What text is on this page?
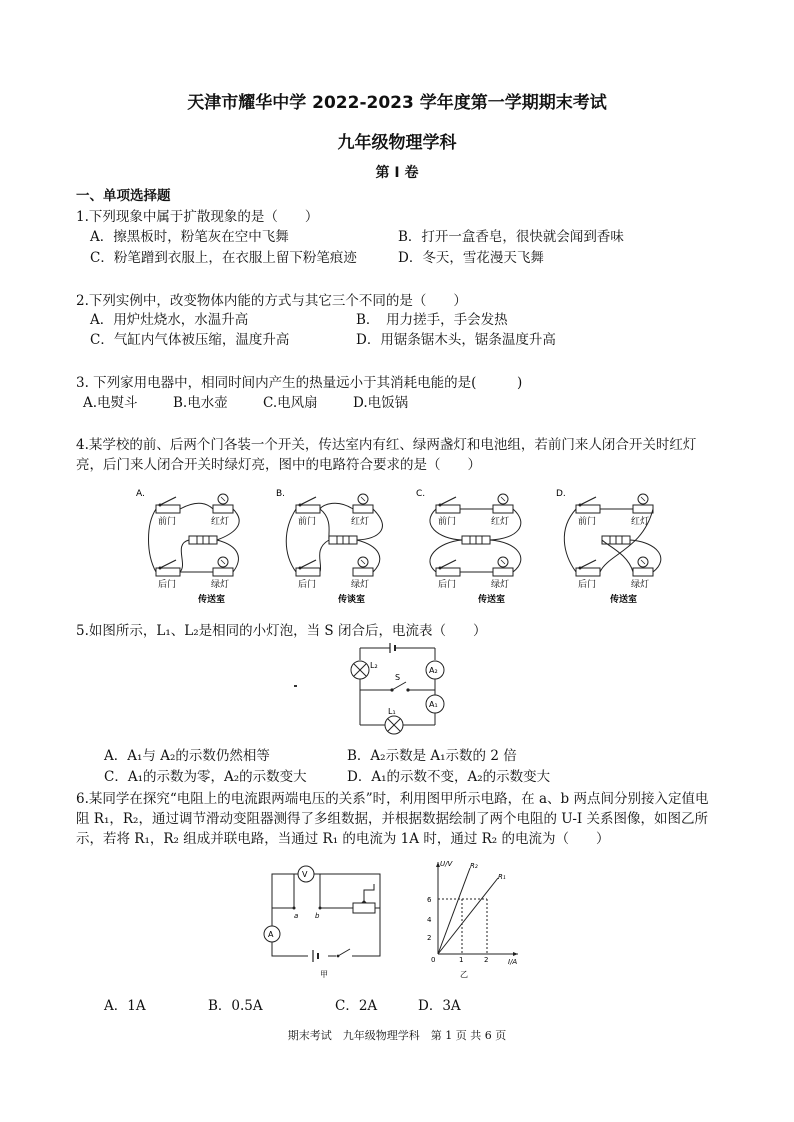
天津市耀华中学 2022-2023 学年度第一学期期末考试
九年级物理学科
第 I 卷
一、单项选择题
1.下列现象中属于扩散现象的是（　　）
A．擦黑板时，粉笔灰在空中飞舞	B．打开一盒香皂，很快就会闻到香味
C．粉笔蹭到衣服上，在衣服上留下粉笔痕迹	D．冬天，雪花漫天飞舞
2.下列实例中，改变物体内能的方式与其它三个不同的是（　　）
A．用炉灶烧水，水温升高	B．　用力搓手，手会发热
C．气缸内气体被压缩，温度升高	D．用锯条锯木头，锯条温度升高
3. 下列家用电器中，相同时间内产生的热量远小于其消耗电能的是(　　　)
A.电熨斗	B.电水壶	C.电风扇	D.电饭锅
4.某学校的前、后两个门各装一个开关，传达室内有红、绿两盏灯和电池组，若前门来人闭合开关时红灯
亮，后门来人闭合开关时绿灯亮，图中的电路符合要求的是（　　）
A.
前门	红灯
后门	绿灯
传送室
B.
前门	红灯
后门	绿灯
传谈室
C.
前门	红灯
后门	绿灯
传送室
D.
前门	红灯
后门	绿灯
传送室
5.如图所示，L₁、L₂是相同的小灯泡，当 S 闭合后，电流表（　　）
L₂
A₂
S
A₁
L₁
A．A₁与 A₂的示数仍然相等	B．A₂示数是 A₁示数的 2 倍
C．A₁的示数为零，A₂的示数变大	D．A₁的示数不变，A₂的示数变大
6.某同学在探究“电阻上的电流跟两端电压的关系”时，利用图甲所示电路，在 a、b 两点间分别接入定值电
阻 R₁，R₂，通过调节滑动变阻器测得了多组数据，并根据数据绘制了两个电阻的 U-I 关系图像，如图乙所
示，若将 R₁，R₂ 组成并联电路，当通过 R₁ 的电流为 1A 时，通过 R₂ 的电流为（　　）
V
a b
A
甲
U/V
I/A
6
4
2
0	1	2
R₂
R₁
乙
A．1A	B．0.5A	C．2A	D．3A
期末考试　九年级物理学科　第 1 页 共 6 页
